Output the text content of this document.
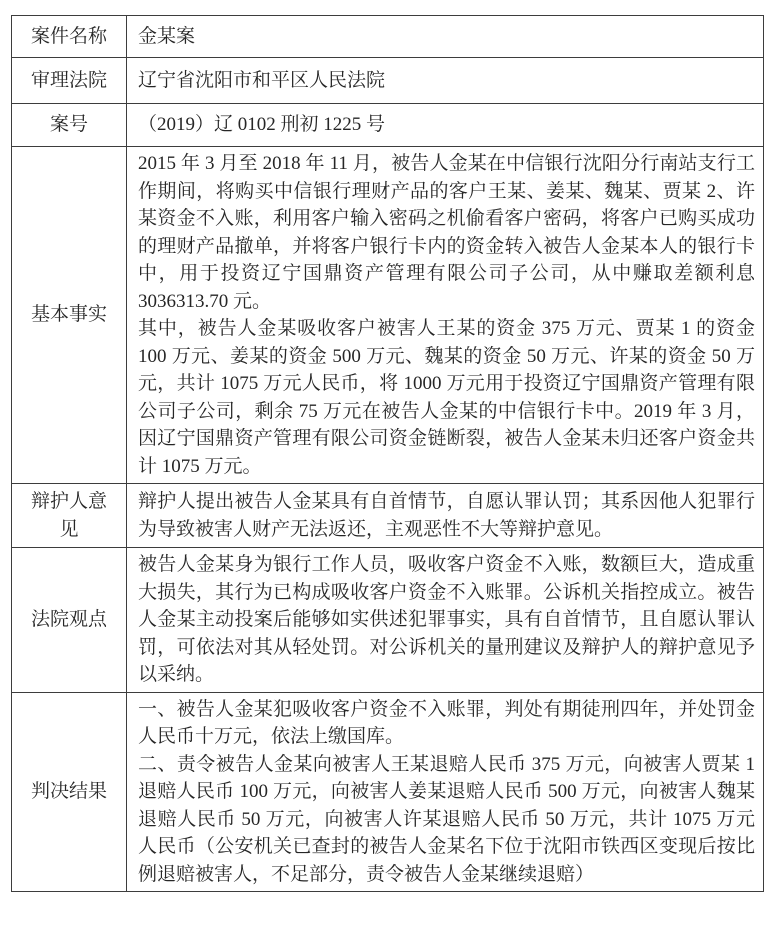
案件名称	金某案

审理法院	辽宁省沈阳市和平区人民法院

案号	（2019）辽 0102 刑初 1225 号

基本事实	2015 年 3 月至 2018 年 11 月，被告人金某在中信银行沈阳分行南站支行工作期间，将购买中信银行理财产品的客户王某、姜某、魏某、贾某 2、许某资金不入账，利用客户输入密码之机偷看客户密码，将客户已购买成功的理财产品撤单，并将客户银行卡内的资金转入被告人金某本人的银行卡中，用于投资辽宁国鼎资产管理有限公司子公司，从中赚取差额利息 3036313.70 元。

其中，被告人金某吸收客户被害人王某的资金 375 万元、贾某 1 的资金 100 万元、姜某的资金 500 万元、魏某的资金 50 万元、许某的资金 50 万元，共计 1075 万元人民币，将 1000 万元用于投资辽宁国鼎资产管理有限公司子公司，剩余 75 万元在被告人金某的中信银行卡中。2019 年 3 月，因辽宁国鼎资产管理有限公司资金链断裂，被告人金某未归还客户资金共计 1075 万元。

辩护人意见	辩护人提出被告人金某具有自首情节，自愿认罪认罚；其系因他人犯罪行为导致被害人财产无法返还，主观恶性不大等辩护意见。

法院观点	被告人金某身为银行工作人员，吸收客户资金不入账，数额巨大，造成重大损失，其行为已构成吸收客户资金不入账罪。公诉机关指控成立。被告人金某主动投案后能够如实供述犯罪事实，具有自首情节，且自愿认罪认罚，可依法对其从轻处罚。对公诉机关的量刑建议及辩护人的辩护意见予以采纳。

判决结果	一、被告人金某犯吸收客户资金不入账罪，判处有期徒刑四年，并处罚金人民币十万元，依法上缴国库。

二、责令被告人金某向被害人王某退赔人民币 375 万元，向被害人贾某 1 退赔人民币 100 万元，向被害人姜某退赔人民币 500 万元，向被害人魏某退赔人民币 50 万元，向被害人许某退赔人民币 50 万元，共计 1075 万元人民币（公安机关已查封的被告人金某名下位于沈阳市铁西区变现后按比例退赔被害人，不足部分，责令被告人金某继续退赔）
